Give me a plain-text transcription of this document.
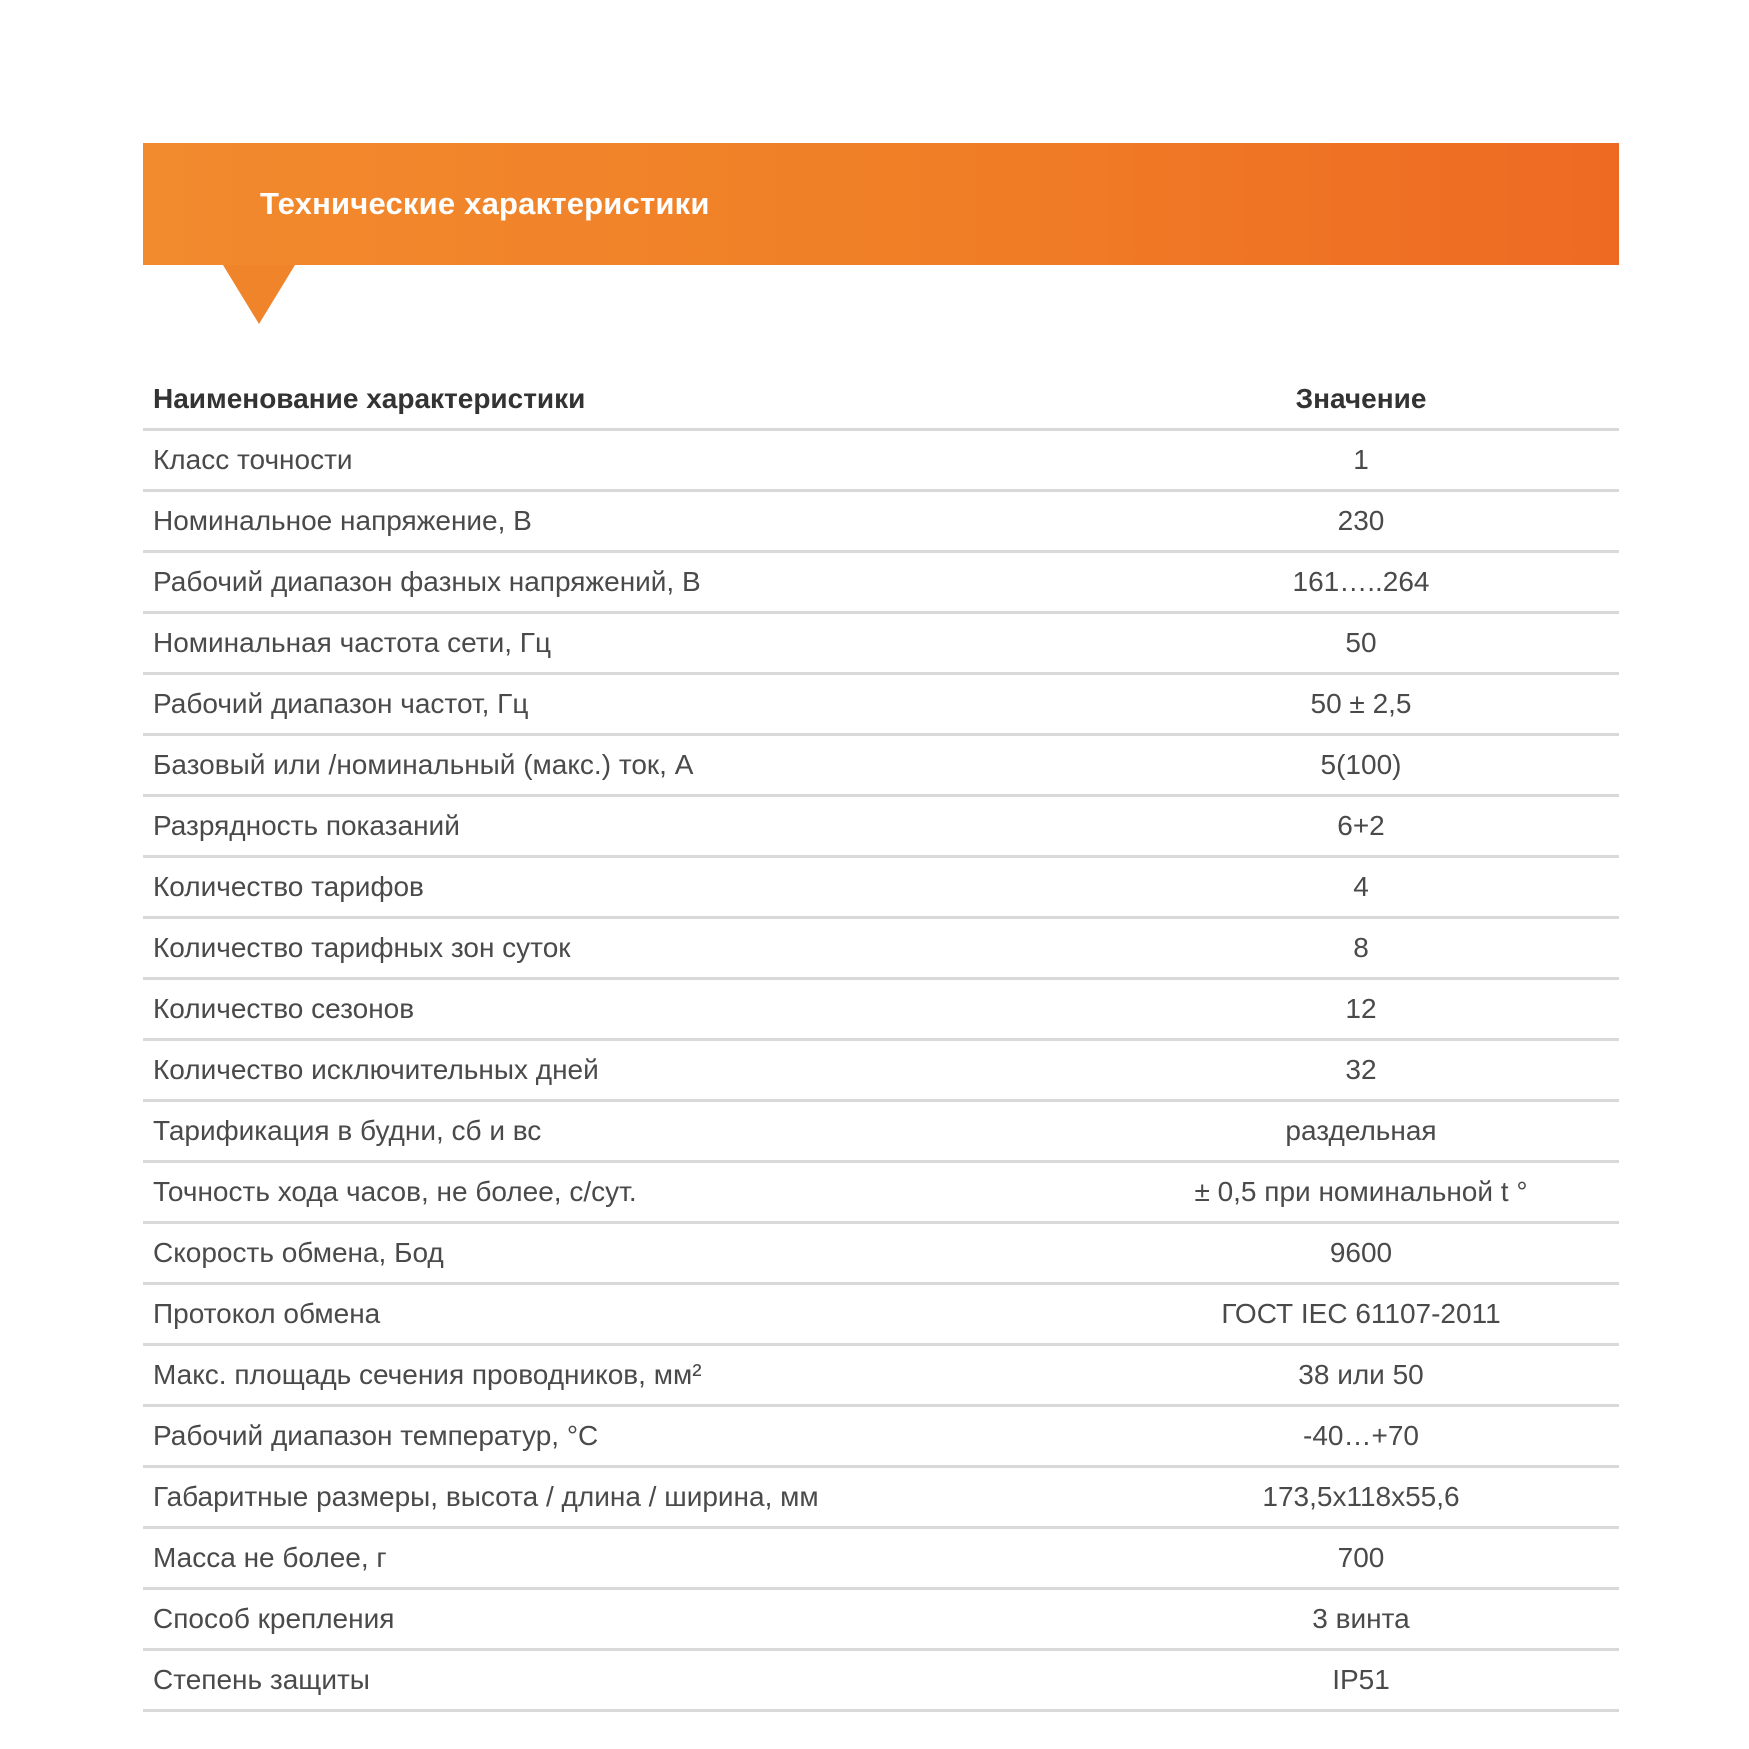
Технические характеристики
Наименование характеристики	Значение
Класс точности	1
Номинальное напряжение, В	230
Рабочий диапазон фазных напряжений, В	161…..264
Номинальная частота сети, Гц	50
Рабочий диапазон частот, Гц	50 ± 2,5
Базовый или /номинальный (макс.) ток, А	5(100)
Разрядность показаний	6+2
Количество тарифов	4
Количество тарифных зон суток	8
Количество сезонов	12
Количество исключительных дней	32
Тарификация в будни, сб и вс	раздельная
Точность хода часов, не более, с/сут.	± 0,5 при номинальной t °
Скорость обмена, Бод	9600
Протокол обмена	ГОСТ IEC 61107-2011
Макс. площадь сечения проводников, мм²	38 или 50
Рабочий диапазон температур, °С	-40…+70
Габаритные размеры, высота / длина / ширина, мм	173,5х118х55,6
Масса не более, г	700
Способ крепления	3 винта
Степень защиты	IP51
